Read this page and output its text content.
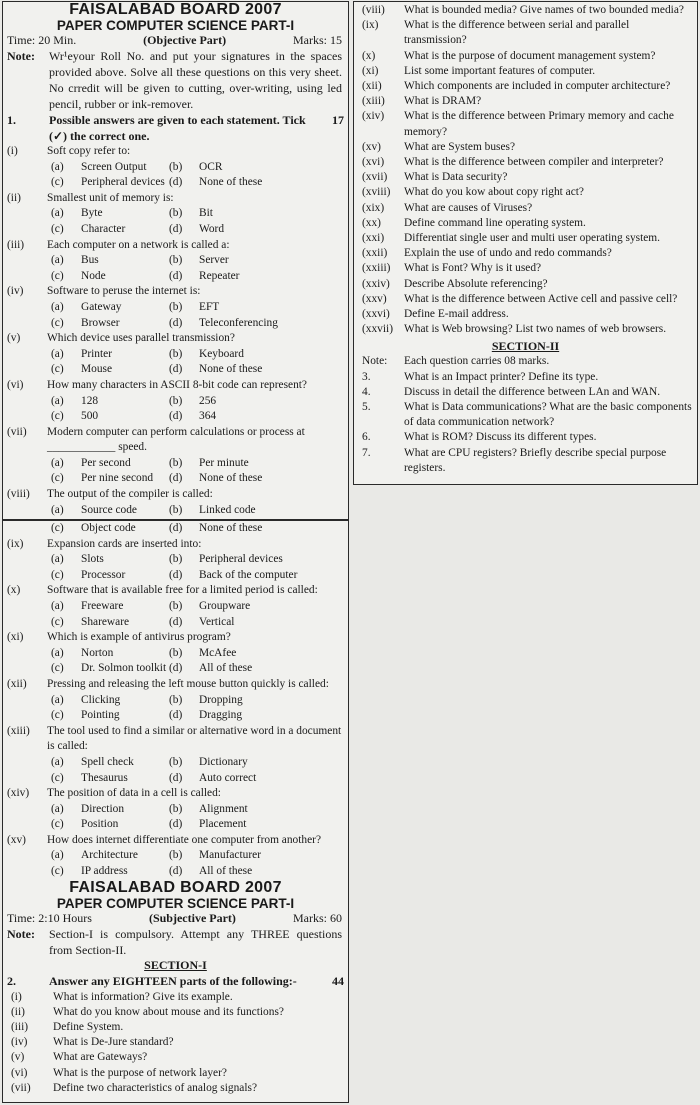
FAISALABAD BOARD 2007

PAPER COMPUTER SCIENCE PART-I

Time: 20 Min.	(Objective Part)	Marks: 15
Note:	Wr¹eyour Roll No. and put your signatures in the spaces provided above. Solve all these questions on this very sheet. No crredit will be given to cutting, over-writing, using led pencil, rubber or ink-remover.
1.	Possible answers are given to each statement. Tick (✓) the correct one.
17
(i)	Soft copy refer to:
(a)	Screen Output	(b)	OCR
(c)	Peripheral devices (d)	None of these
(ii)	Smallest unit of memory is:
(a)	Byte	(b)	Bit
(c)	Character	(d)	Word
(iii)	Each computer on a network is called a:
(a)	Bus	(b)	Server
(c)	Node	(d)	Repeater
(iv)	Software to peruse the internet is:
(a)	Gateway	(b)	EFT
(c)	Browser	(d)	Teleconferencing
(v)	Which device uses parallel transmission?
(a)	Printer	(b)	Keyboard
(c)	Mouse	(d)	None of these
(vi)	How many characters in ASCII 8-bit code can represent?
(a)	128	(b)	256
(c)	500	(d)	364
(vii)	Modern computer can perform calculations or process at ____________ speed.
(a)	Per second	(b)	Per minute
(c)	Per nine second	(d)	None of these
(viii)	The output of the compiler is called:
(a)	Source code	(b)	Linked code
(c)	Object code	(d)	None of these
(ix)	Expansion cards are inserted into:
(a)	Slots	(b)	Peripheral devices
(c)	Processor	(d)	Back of the computer
(x)	Software that is available free for a limited period is called:
(a)	Freeware	(b)	Groupware
(c)	Shareware	(d)	Vertical
(xi)	Which is example of antivirus program?
(a)	Norton	(b)	McAfee
(c)	Dr. Solmon toolkit (d)	All of these
(xii)	Pressing and releasing the left mouse button quickly is called:
(a)	Clicking	(b)	Dropping
(c)	Pointing	(d)	Dragging
(xiii)	The tool used to find a similar or alternative word in a document is called:
(a)	Spell check	(b)	Dictionary
(c)	Thesaurus	(d)	Auto correct
(xiv)	The position of data in a cell is called:
(a)	Direction	(b)	Alignment
(c)	Position	(d)	Placement
(xv)	How does internet differentiate one computer from another?
(a)	Architecture	(b)	Manufacturer
(c)	IP address	(d)	All of these

FAISALABAD BOARD 2007

PAPER COMPUTER SCIENCE PART-I

Time: 2:10 Hours	(Subjective Part)	Marks: 60
Note:	Section-I is compulsory. Attempt any THREE questions from Section-II.

SECTION-I

2.	Answer any EIGHTEEN parts of the following:-	44
(i)	What is information? Give its example.
(ii)	What do you know about mouse and its functions?
(iii)	Define System.
(iv)	What is De-Jure standard?
(v)	What are Gateways?
(vi)	What is the purpose of network layer?
(vii)	Define two characteristics of analog signals?
(viii)	What is bounded media? Give names of two bounded media?
(ix)	What is the difference between serial and parallel transmission?
(x)	What is the purpose of document management system?
(xi)	List some important features of computer.
(xii)	Which components are included in computer architecture?
(xiii)	What is DRAM?
(xiv)	What is the difference between Primary memory and cache memory?
(xv)	What are System buses?
(xvi)	What is the difference between compiler and interpreter?
(xvii)	What is Data security?
(xviii)	What do you kow about copy right act?
(xix)	What are causes of Viruses?
(xx)	Define command line operating system.
(xxi)	Differentiat single user and multi user operating system.
(xxii)	Explain the use of undo and redo commands?
(xxiii)	What is Font? Why is it used?
(xxiv)	Describe Absolute referencing?
(xxv)	What is the difference between Active cell and passive cell?
(xxvi)	Define E-mail address.
(xxvii) What is Web browsing? List two names of web browsers.

SECTION-II

Note:	Each question carries 08 marks.
3.	What is an Impact printer? Define its type.
4.	Discuss in detail the difference between LAn and WAN.
5.	What is Data communications? What are the basic components of data communication network?
6.	What is ROM? Discuss its different types.
7.	What are CPU registers? Briefly describe special purpose registers.
